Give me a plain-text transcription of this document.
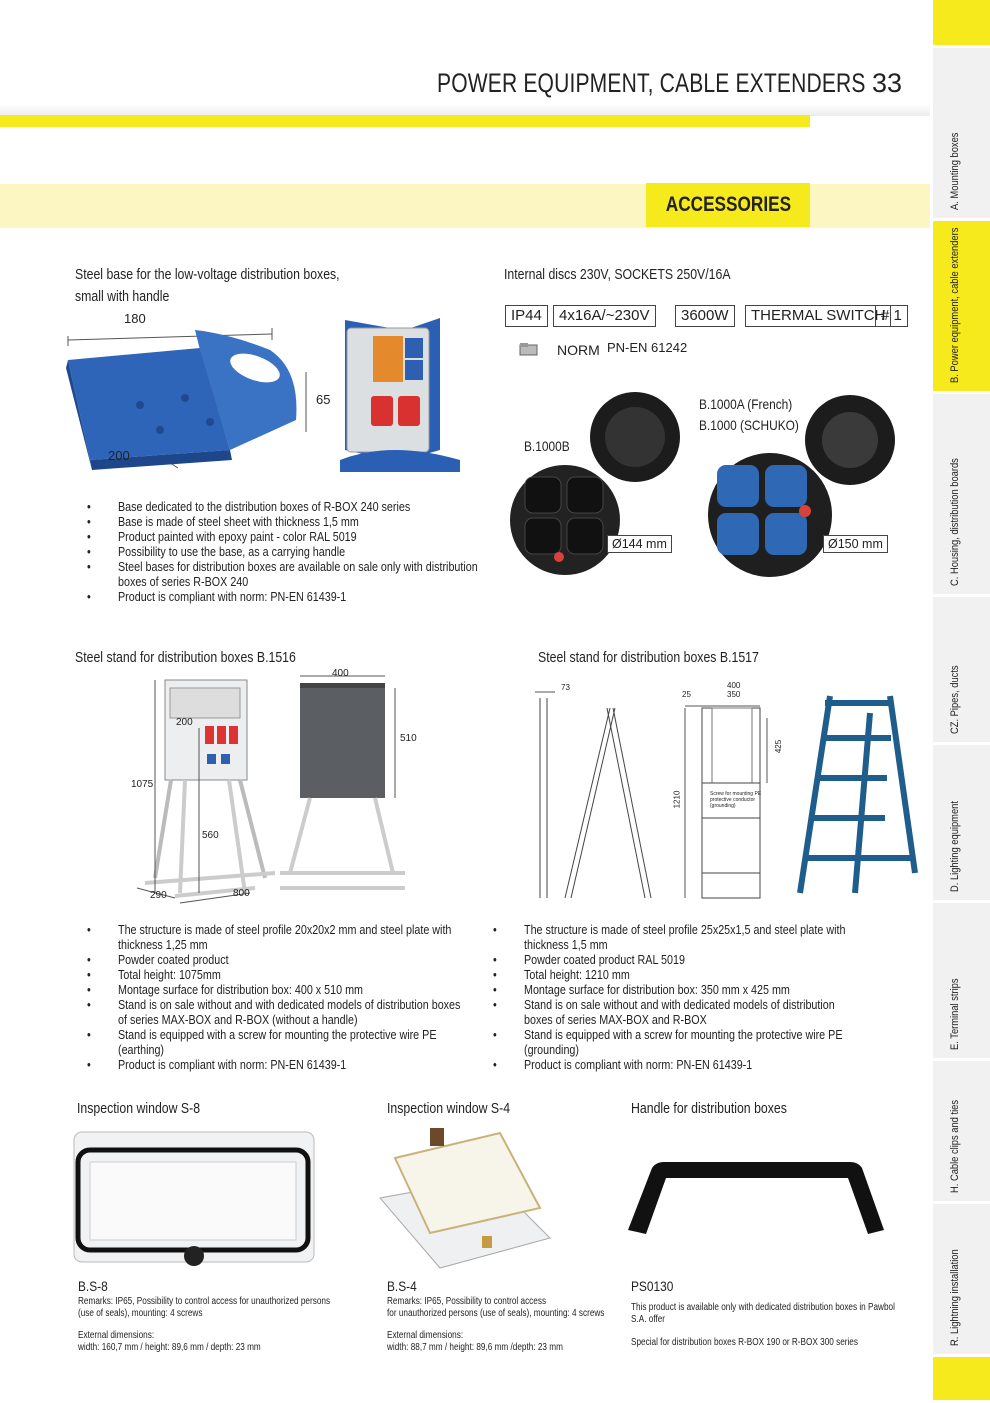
POWER EQUIPMENT, CABLE EXTENDERS 33
ACCESSORIES	A. Mounting boxes
B. Power equipment, cable extenders
C. Housing, distribution boards
CZ. Pipes, ducts
D. Lighting equipment
E. Terminal strips
H. Cable clips and ties
R. Lightning installation
Steel base for the low-voltage distribution boxes,
small with handle
180
65
200
• Base dedicated to the distribution boxes of R-BOX 240 series
• Base is made of steel sheet with thickness 1,5 mm
• Product painted with epoxy paint - color RAL 5019
• Possibility to use the base, as a carrying handle
• Steel bases for distribution boxes are available on sale only with distribution boxes of series R-BOX 240
• Product is compliant with norm: PN-EN 61439-1
Internal discs 230V, SOCKETS 250V/16A
IP44	4x16A/~230V	3600W	THERMAL SWITCH
# 1
NORM PN-EN 61242
B.1000A (French)
B.1000 (SCHUKO)
B.1000B
Ø144 mm	Ø150 mm
Steel stand for distribution boxes B.1516
400
200
510
1075
560
290	800
• The structure is made of steel profile 20x20x2 mm and steel plate with thickness 1,25 mm
• Powder coated product
• Total height: 1075mm
• Montage surface for distribution box: 400 x 510 mm
• Stand is on sale without and with dedicated models of distribution boxes of series MAX-BOX and R-BOX (without a handle)
• Stand is equipped with a screw for mounting the protective wire PE (earthing)
• Product is compliant with norm: PN-EN 61439-1
Steel stand for distribution boxes B.1517
73	400
25	350
425
1210	Screw for mounting PE protective conductor (grounding)
• The structure is made of steel profile 25x25x1,5 and steel plate with thickness 1,5 mm
• Powder coated product RAL 5019
• Total height: 1210 mm
• Montage surface for distribution box: 350 mm x 425 mm
• Stand is on sale without and with dedicated models of distribution boxes of series MAX-BOX and R-BOX
• Stand is equipped with a screw for mounting the protective wire PE (grounding)
• Product is compliant with norm: PN-EN 61439-1
Inspection window S-8
B.S-8
Remarks: IP65, Possibility to control access for unauthorized persons
(use of seals), mounting: 4 screws
External dimensions:
width: 160,7 mm / height: 89,6 mm / depth: 23 mm
Inspection window S-4
B.S-4
Remarks: IP65, Possibility to control access
for unauthorized persons (use of seals), mounting: 4 screws
External dimensions:
width: 88,7 mm / height: 89,6 mm /depth: 23 mm
Handle for distribution boxes
PS0130
This product is available only with dedicated distribution boxes in Pawbol
S.A. offer
Special for distribution boxes R-BOX 190 or R-BOX 300 series
